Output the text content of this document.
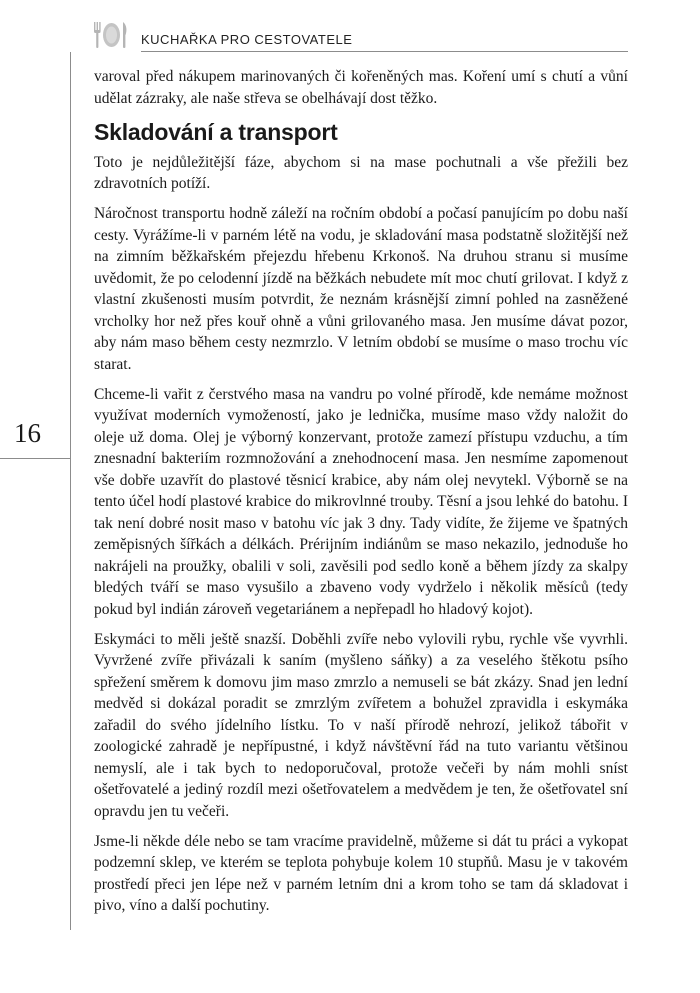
KUCHAŘKA PRO CESTOVATELE
16

varoval před nákupem marinovaných či kořeněných mas. Koření umí s chutí a vůní udělat zázraky, ale naše střeva se obelhávají dost těžko.

Skladování a transport

Toto je nejdůležitější fáze, abychom si na mase pochutnali a vše přežili bez zdravotních potíží.

Náročnost transportu hodně záleží na ročním období a počasí panujícím po dobu naší cesty. Vyrážíme-li v parném létě na vodu, je skladování masa podstatně složitější než na zimním běžkařském přejezdu hřebenu Krkonoš. Na druhou stranu si musíme uvědomit, že po celodenní jízdě na běžkách nebudete mít moc chutí grilovat. I když z vlastní zkušenosti musím potvrdit, že neznám krásnější zimní pohled na zasněžené vrcholky hor než přes kouř ohně a vůni grilovaného masa. Jen musíme dávat pozor, aby nám maso během cesty nezmrzlo. V letním období se musíme o maso trochu víc starat.

Chceme-li vařit z čerstvého masa na vandru po volné přírodě, kde nemáme možnost využívat moderních vymožeností, jako je lednička, musíme maso vždy naložit do oleje už doma. Olej je výborný konzervant, protože zamezí přístupu vzduchu, a tím znesnadní bakteriím rozmnožování a znehodnocení masa. Jen nesmíme zapomenout vše dobře uzavřít do plastové těsnicí krabice, aby nám olej nevytekl. Výborně se na tento účel hodí plastové krabice do mikrovlnné trouby. Těsní a jsou lehké do batohu. I tak není dobré nosit maso v batohu víc jak 3 dny. Tady vidíte, že žijeme ve špatných zeměpisných šířkách a délkách. Prérijním indiánům se maso nekazilo, jednoduše ho nakrájeli na proužky, obalili v soli, zavěsili pod sedlo koně a během jízdy za skalpy bledých tváří se maso vysušilo a zbaveno vody vydrželo i několik měsíců (tedy pokud byl indián zároveň vegetariánem a nepřepadl ho hladový kojot).

Eskymáci to měli ještě snazší. Doběhli zvíře nebo vylovili rybu, rychle vše vyvrhli. Vyvržené zvíře přivázali k saním (myšleno sáňky) a za veselého štěkotu psího spřežení směrem k domovu jim maso zmrzlo a nemuseli se bát zkázy. Snad jen lední medvěd si dokázal poradit se zmrzlým zvířetem a bohužel zpravidla i eskymáka zařadil do svého jídelního lístku. To v naší přírodě nehrozí, jelikož tábořit v zoologické zahradě je nepřípustné, i když návštěvní řád na tuto variantu většinou nemyslí, ale i tak bych to nedoporučoval, protože večeři by nám mohli sníst ošetřovatelé a jediný rozdíl mezi ošetřovatelem a medvědem je ten, že ošetřovatel sní opravdu jen tu večeři.

Jsme-li někde déle nebo se tam vracíme pravidelně, můžeme si dát tu práci a vykopat podzemní sklep, ve kterém se teplota pohybuje kolem 10 stupňů. Masu je v takovém prostředí přeci jen lépe než v parném letním dni a krom toho se tam dá skladovat i pivo, víno a další pochutiny.
